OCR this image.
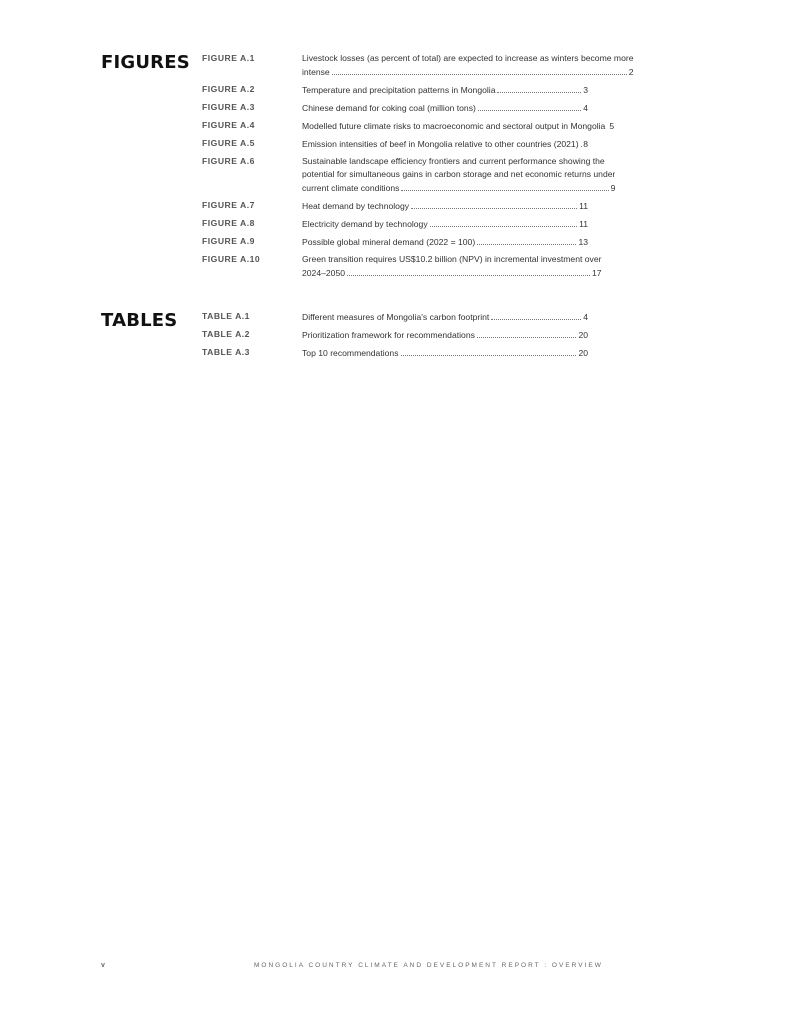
FIGURES FIGURE A.1	Livestock losses (as percent of total) are expected to increase as winters become more
intense	2
FIGURE A.2	Temperature and precipitation patterns in Mongolia	3
FIGURE A.3	Chinese demand for coking coal (million tons)	4
FIGURE A.4	Modelled future climate risks to macroeconomic and sectoral output in Mongolia 5
FIGURE A.5	Emission intensities of beef in Mongolia relative to other countries (2021) 8
FIGURE A.6	Sustainable landscape efficiency frontiers and current performance showing the
potential for simultaneous gains in carbon storage and net economic returns under
current climate conditions	9
FIGURE A.7	Heat demand by technology	11
FIGURE A.8	Electricity demand by technology	11
FIGURE A.9	Possible global mineral demand (2022 = 100)	13
FIGURE A.10	Green transition requires US$10.2 billion (NPV) in incremental investment over
2024–2050	17
TABLES	TABLE A.1	Different measures of Mongolia's carbon footprint	4
TABLE A.2	Prioritization framework for recommendations	20
TABLE A.3	Top 10 recommendations	20
v	MONGOLIA COUNTRY CLIMATE AND DEVELOPMENT REPORT : OVERVIEW
